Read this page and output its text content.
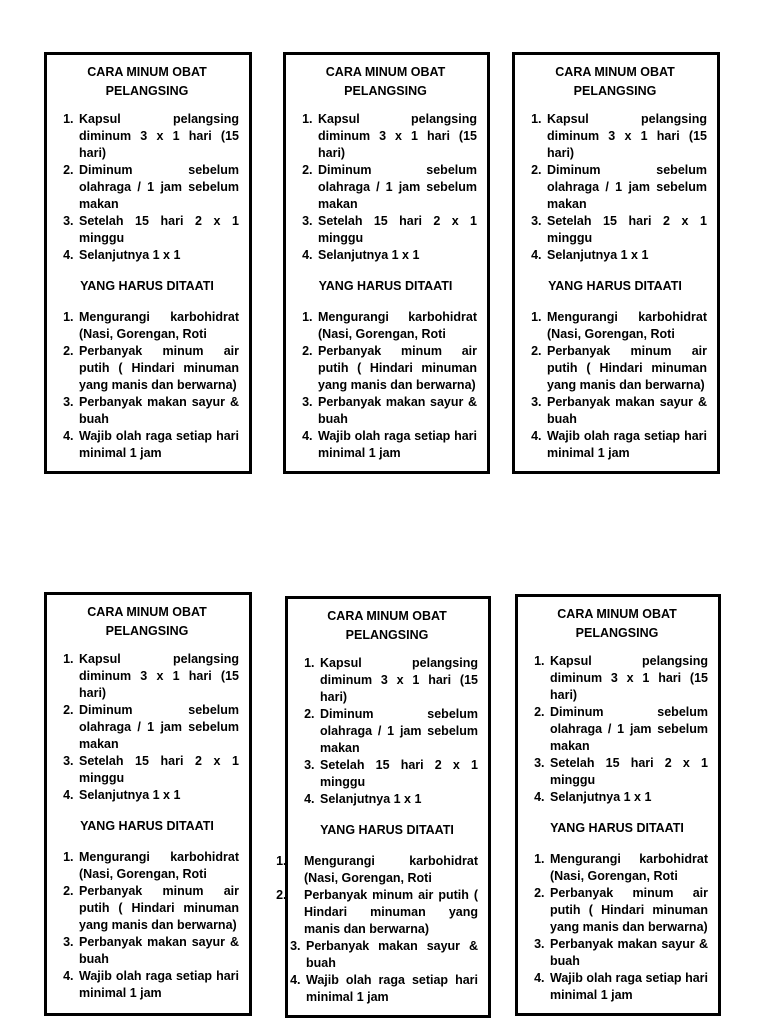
CARA MINUM OBAT
PELANGSING
1. Kapsul pelangsing diminum 3 x 1 hari (15 hari)
2. Diminum sebelum olahraga / 1 jam sebelum makan
3. Setelah 15 hari 2 x 1 minggu
4. Selanjutnya 1 x 1
YANG HARUS DITAATI
1. Mengurangi karbohidrat (Nasi, Gorengan, Roti
2. Perbanyak minum air putih ( Hindari minuman yang manis dan berwarna)
3. Perbanyak makan sayur & buah
4. Wajib olah raga setiap hari minimal 1 jam
CARA MINUM OBAT
PELANGSING
1. Kapsul pelangsing diminum 3 x 1 hari (15 hari)
2. Diminum sebelum olahraga / 1 jam sebelum makan
3. Setelah 15 hari 2 x 1 minggu
4. Selanjutnya 1 x 1
YANG HARUS DITAATI
1. Mengurangi karbohidrat (Nasi, Gorengan, Roti
2. Perbanyak minum air putih ( Hindari minuman yang manis dan berwarna)
3. Perbanyak makan sayur & buah
4. Wajib olah raga setiap hari minimal 1 jam
CARA MINUM OBAT
PELANGSING
1. Kapsul pelangsing diminum 3 x 1 hari (15 hari)
2. Diminum sebelum olahraga / 1 jam sebelum makan
3. Setelah 15 hari 2 x 1 minggu
4. Selanjutnya 1 x 1
YANG HARUS DITAATI
1. Mengurangi karbohidrat (Nasi, Gorengan, Roti
2. Perbanyak minum air putih ( Hindari minuman yang manis dan berwarna)
3. Perbanyak makan sayur & buah
4. Wajib olah raga setiap hari minimal 1 jam
CARA MINUM OBAT
PELANGSING
1. Kapsul pelangsing diminum 3 x 1 hari (15 hari)
2. Diminum sebelum olahraga / 1 jam sebelum makan
3. Setelah 15 hari 2 x 1 minggu
4. Selanjutnya 1 x 1
YANG HARUS DITAATI
1. Mengurangi karbohidrat (Nasi, Gorengan, Roti
2. Perbanyak minum air putih ( Hindari minuman yang manis dan berwarna)
3. Perbanyak makan sayur & buah
4. Wajib olah raga setiap hari minimal 1 jam
CARA MINUM OBAT
PELANGSING
1. Kapsul pelangsing diminum 3 x 1 hari (15 hari)
2. Diminum sebelum olahraga / 1 jam sebelum makan
3. Setelah 15 hari 2 x 1 minggu
4. Selanjutnya 1 x 1
YANG HARUS DITAATI
1. Mengurangi karbohidrat (Nasi, Gorengan, Roti
2. Perbanyak minum air putih ( Hindari minuman yang manis dan berwarna)
3. Perbanyak makan sayur & buah
4. Wajib olah raga setiap hari minimal 1 jam
CARA MINUM OBAT
PELANGSING
1. Kapsul pelangsing diminum 3 x 1 hari (15 hari)
2. Diminum sebelum olahraga / 1 jam sebelum makan
3. Setelah 15 hari 2 x 1 minggu
4. Selanjutnya 1 x 1
YANG HARUS DITAATI
1. Mengurangi karbohidrat (Nasi, Gorengan, Roti
2. Perbanyak minum air putih ( Hindari minuman yang manis dan berwarna)
3. Perbanyak makan sayur & buah
4. Wajib olah raga setiap hari minimal 1 jam
